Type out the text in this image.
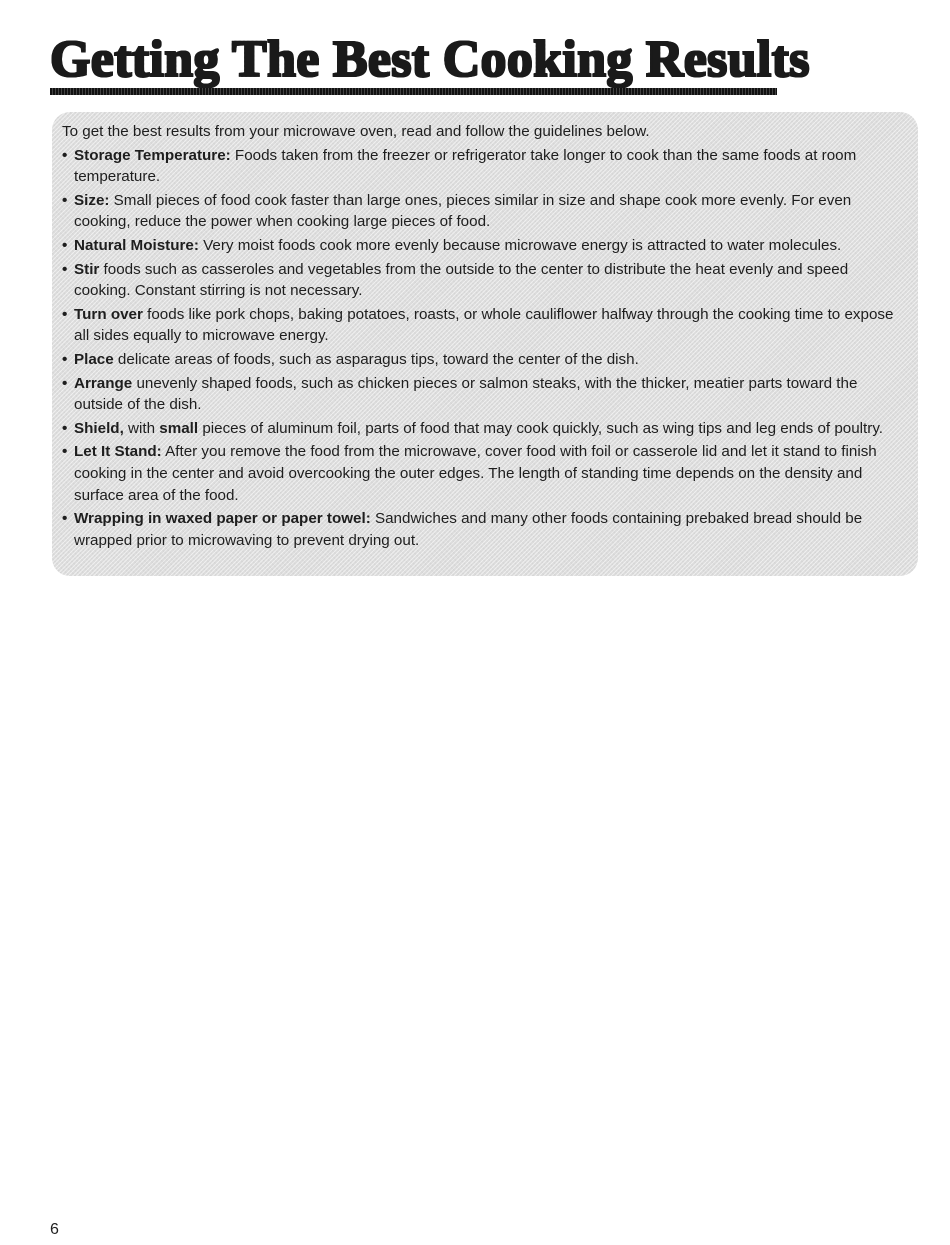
Getting The Best Cooking Results

To get the best results from your microwave oven, read and follow the guidelines below.

• Storage Temperature: Foods taken from the freezer or refrigerator take longer to cook than the same foods at room temperature.
• Size: Small pieces of food cook faster than large ones, pieces similar in size and shape cook more evenly. For even cooking, reduce the power when cooking large pieces of food.
• Natural Moisture: Very moist foods cook more evenly because microwave energy is attracted to water molecules.
• Stir foods such as casseroles and vegetables from the outside to the center to distribute the heat evenly and speed cooking. Constant stirring is not necessary.
• Turn over foods like pork chops, baking potatoes, roasts, or whole cauliflower halfway through the cooking time to expose all sides equally to microwave energy.
• Place delicate areas of foods, such as asparagus tips, toward the center of the dish.
• Arrange unevenly shaped foods, such as chicken pieces or salmon steaks, with the thicker, meatier parts toward the outside of the dish.
• Shield, with small pieces of aluminum foil, parts of food that may cook quickly, such as wing tips and leg ends of poultry.
• Let It Stand: After you remove the food from the microwave, cover food with foil or casserole lid and let it stand to finish cooking in the center and avoid overcooking the outer edges. The length of standing time depends on the density and surface area of the food.
• Wrapping in waxed paper or paper towel: Sandwiches and many other foods containing prebaked bread should be wrapped prior to microwaving to prevent drying out.
6
